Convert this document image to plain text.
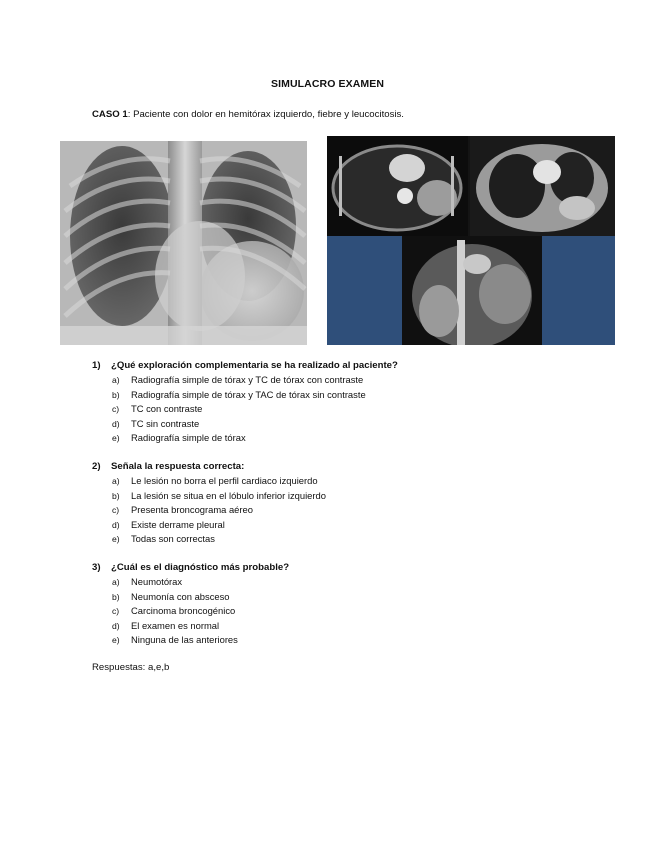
SIMULACRO EXAMEN
CASO 1: Paciente con dolor en hemitórax izquierdo, fiebre y leucocitosis.
1)	¿Qué exploración complementaria se ha realizado al paciente?
a)	Radiografía simple de tórax y TC de tórax con contraste
b)	Radiografía simple de tórax y TAC de tórax sin contraste
c)	TC con contraste
d)	TC sin contraste
e)	Radiografía simple de tórax
2)	Señala la respuesta correcta:
a)	Le lesión no borra el perfil cardiaco izquierdo
b)	La lesión se situa en el lóbulo inferior izquierdo
c)	Presenta broncograma aéreo
d)	Existe derrame pleural
e)	Todas son correctas
3)	¿Cuál es el diagnóstico más probable?
a)	Neumotórax
b)	Neumonía con absceso
c)	Carcinoma broncogénico
d)	El examen es normal
e)	Ninguna de las anteriores
Respuestas: a,e,b
